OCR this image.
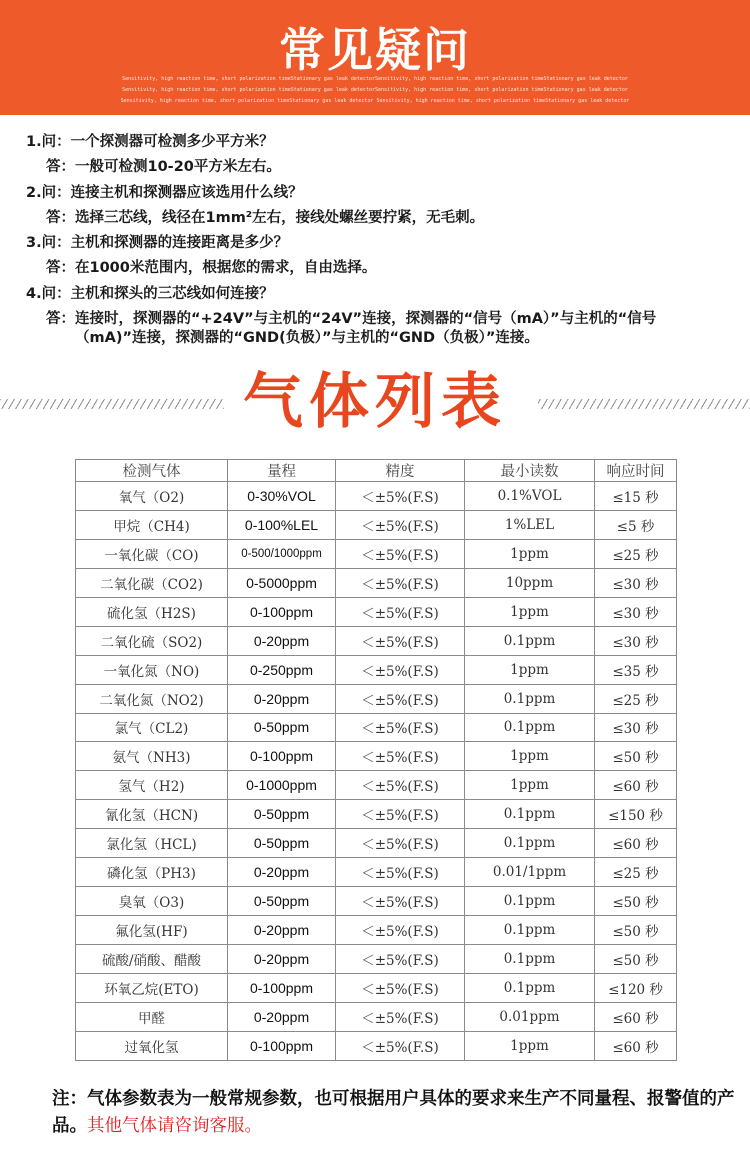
常见疑问
Sensitivity, high reaction time, short polarization timeStationary gas leak detectorSensitivity, high reaction time, short polarization timeStationary gas leak detector
Sensitivity, high reaction time, short polarization timeStationary gas leak detectorSensitivity, high reaction time, short polarization timeStationary gas leak detector
Sensitivity, high reaction time, short polarization timeStationary gas leak detector Sensitivity, high reaction time, short polarization timeStationary gas leak detector
1.问：一个探测器可检测多少平方米？
答：一般可检测10-20平方米左右。
2.问：连接主机和探测器应该选用什么线？
答：选择三芯线，线径在1mm²左右，接线处螺丝要拧紧，无毛刺。
3.问：主机和探测器的连接距离是多少？
答：在1000米范围内，根据您的需求，自由选择。
4.问：主机和探头的三芯线如何连接？
答： 连接时，探测器的“+24V”与主机的“24V”连接，探测器的“信号（mA）”与主机的“信号（mA)”连接，探测器的“GND(负极）”与主机的“GND（负极）”连接。
气体列表
检测气体	量程	精度	最小读数	响应时间
氧气（O2)	0-30%VOL	＜±5%(F.S)	0.1%VOL	≤15 秒
甲烷（CH4)	0-100%LEL	＜±5%(F.S)	1%LEL	≤5 秒
一氧化碳（CO)	0-500/1000ppm	＜±5%(F.S)	1ppm	≤25 秒
二氧化碳（CO2)	0-5000ppm	＜±5%(F.S)	10ppm	≤30 秒
硫化氢（H2S)	0-100ppm	＜±5%(F.S)	1ppm	≤30 秒
二氧化硫（SO2)	0-20ppm	＜±5%(F.S)	0.1ppm	≤30 秒
一氧化氮（NO)	0-250ppm	＜±5%(F.S)	1ppm	≤35 秒
二氧化氮（NO2)	0-20ppm	＜±5%(F.S)	0.1ppm	≤25 秒
氯气（CL2)	0-50ppm	＜±5%(F.S)	0.1ppm	≤30 秒
氨气（NH3)	0-100ppm	＜±5%(F.S)	1ppm	≤50 秒
氢气（H2)	0-1000ppm	＜±5%(F.S)	1ppm	≤60 秒
氰化氢（HCN)	0-50ppm	＜±5%(F.S)	0.1ppm	≤150 秒
氯化氢（HCL)	0-50ppm	＜±5%(F.S)	0.1ppm	≤60 秒
磷化氢（PH3)	0-20ppm	＜±5%(F.S)	0.01/1ppm	≤25 秒
臭氧（O3)	0-50ppm	＜±5%(F.S)	0.1ppm	≤50 秒
氟化氢(HF)	0-20ppm	＜±5%(F.S)	0.1ppm	≤50 秒
硫酸/硝酸、醋酸	0-20ppm	＜±5%(F.S)	0.1ppm	≤50 秒
环氧乙烷(ETO)	0-100ppm	＜±5%(F.S)	0.1ppm	≤120 秒
甲醛	0-20ppm	＜±5%(F.S)	0.01ppm	≤60 秒
过氧化氢	0-100ppm	＜±5%(F.S)	1ppm	≤60 秒
注：气体参数表为一般常规参数，也可根据用户具体的要求来生产不同量程、报警值的产品。其他气体请咨询客服。
